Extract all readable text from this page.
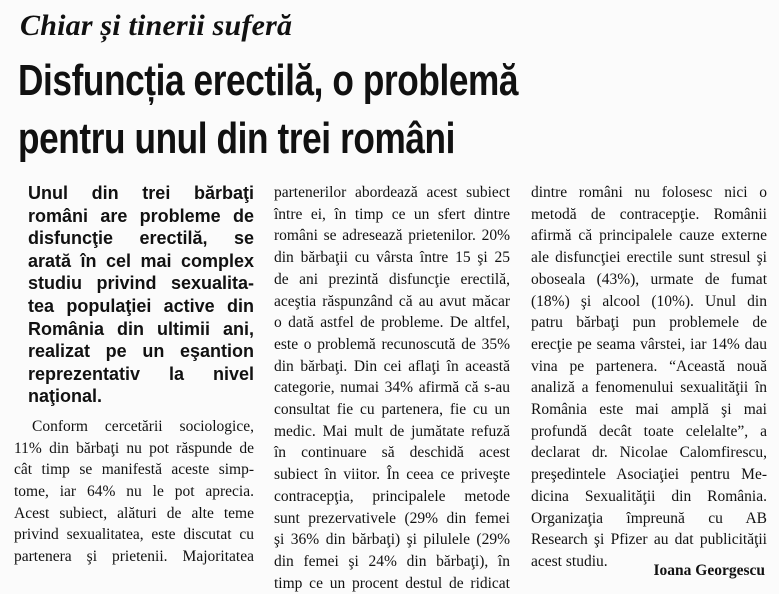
Chiar și tinerii suferă
Disfuncția erectilă, o problemă
pentru unul din trei români
Unul din trei bărbaţi
români are probleme de
disfuncţie erectilă, se
arată în cel mai complex
studiu privind sexualita-
tea populaţiei active din
România din ultimii ani,
realizat pe un eşantion
reprezentativ la nivel
naţional.
Conform cercetării sociologice,
11% din bărbaţi nu pot răspunde de
cât timp se manifestă aceste simp-
tome, iar 64% nu le pot aprecia.
Acest subiect, alături de alte teme
privind sexualitatea, este discutat cu
partenera şi prietenii. Majoritatea
partenerilor abordează acest subiect
între ei, în timp ce un sfert dintre
români se adresează prietenilor. 20%
din bărbaţii cu vârsta între 15 şi 25
de ani prezintă disfuncţie erectilă,
aceştia răspunzând că au avut măcar
o dată astfel de probleme. De altfel,
este o problemă recunoscută de 35%
din bărbaţi. Din cei aflaţi în această
categorie, numai 34% afirmă că s-au
consultat fie cu partenera, fie cu un
medic. Mai mult de jumătate refuză
în continuare să deschidă acest
subiect în viitor. În ceea ce priveşte
contracepţia, principalele metode
sunt prezervativele (29% din femei
şi 36% din bărbaţi) şi pilulele (29%
din femei şi 24% din bărbaţi), în
timp ce un procent destul de ridicat
dintre români nu folosesc nici o
metodă de contracepţie. Românii
afirmă că principalele cauze externe
ale disfuncţiei erectile sunt stresul şi
oboseala (43%), urmate de fumat
(18%) şi alcool (10%). Unul din
patru bărbaţi pun problemele de
erecţie pe seama vârstei, iar 14% dau
vina pe partenera. “Această nouă
analiză a fenomenului sexualităţii în
România este mai amplă şi mai
profundă decât toate celelalte”, a
declarat dr. Nicolae Calomfirescu,
preşedintele Asociaţiei pentru Me-
dicina Sexualităţii din România.
Organizaţia împreună cu AB
Research şi Pfizer au dat publicităţii
acest studiu.
Ioana Georgescu
